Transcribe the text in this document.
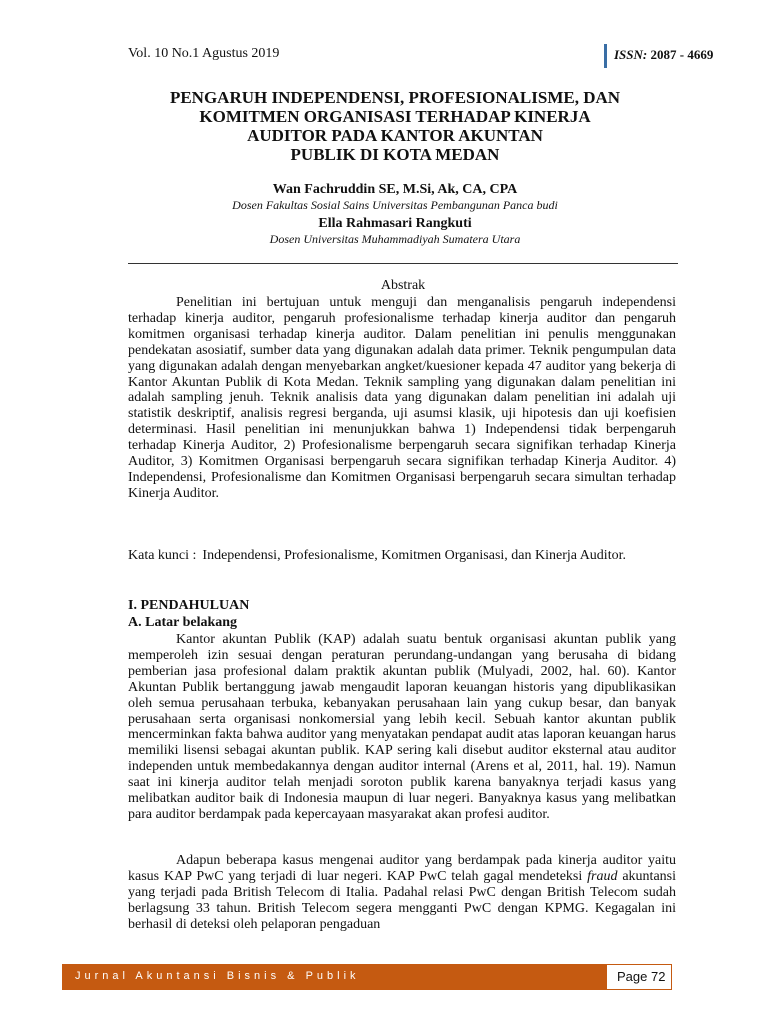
Vol. 10 No.1 Agustus 2019	ISSN: 2087 - 4669
PENGARUH INDEPENDENSI, PROFESIONALISME, DAN
KOMITMEN ORGANISASI TERHADAP KINERJA
AUDITOR PADA KANTOR AKUNTAN
PUBLIK DI KOTA MEDAN
Wan Fachruddin SE, M.Si, Ak, CA, CPA
Dosen Fakultas Sosial Sains Universitas Pembangunan Panca budi
Ella Rahmasari Rangkuti
Dosen Universitas Muhammadiyah Sumatera Utara
Abstrak
Penelitian ini bertujuan untuk menguji dan menganalisis pengaruh independensi terhadap kinerja auditor, pengaruh profesionalisme terhadap kinerja auditor dan pengaruh komitmen organisasi terhadap kinerja auditor. Dalam penelitian ini penulis menggunakan pendekatan asosiatif, sumber data yang digunakan adalah data primer. Teknik pengumpulan data yang digunakan adalah dengan menyebarkan angket/kuesioner kepada 47 auditor yang bekerja di Kantor Akuntan Publik di Kota Medan. Teknik sampling yang digunakan dalam penelitian ini adalah sampling jenuh. Teknik analisis data yang digunakan dalam penelitian ini adalah uji statistik deskriptif, analisis regresi berganda, uji asumsi klasik, uji hipotesis dan uji koefisien determinasi. Hasil penelitian ini menunjukkan bahwa 1) Independensi tidak berpengaruh terhadap Kinerja Auditor, 2) Profesionalisme berpengaruh secara signifikan terhadap Kinerja Auditor, 3) Komitmen Organisasi berpengaruh secara signifikan terhadap Kinerja Auditor. 4) Independensi, Profesionalisme dan Komitmen Organisasi berpengaruh secara simultan terhadap Kinerja Auditor.
Kata kunci : Independensi, Profesionalisme, Komitmen Organisasi, dan Kinerja Auditor.
I. PENDAHULUAN
A. Latar belakang
Kantor akuntan Publik (KAP) adalah suatu bentuk organisasi akuntan publik yang memperoleh izin sesuai dengan peraturan perundang-undangan yang berusaha di bidang pemberian jasa profesional dalam praktik akuntan publik (Mulyadi, 2002, hal. 60). Kantor Akuntan Publik bertanggung jawab mengaudit laporan keuangan historis yang dipublikasikan oleh semua perusahaan terbuka, kebanyakan perusahaan lain yang cukup besar, dan banyak perusahaan serta organisasi nonkomersial yang lebih kecil. Sebuah kantor akuntan publik mencerminkan fakta bahwa auditor yang menyatakan pendapat audit atas laporan keuangan harus memiliki lisensi sebagai akuntan publik. KAP sering kali disebut auditor eksternal atau auditor independen untuk membedakannya dengan auditor internal (Arens et al, 2011, hal. 19). Namun saat ini kinerja auditor telah menjadi soroton publik karena banyaknya terjadi kasus yang melibatkan auditor baik di Indonesia maupun di luar negeri. Banyaknya kasus yang melibatkan para auditor berdampak pada kepercayaan masyarakat akan profesi auditor.
Adapun beberapa kasus mengenai auditor yang berdampak pada kinerja auditor yaitu kasus KAP PwC yang terjadi di luar negeri. KAP PwC telah gagal mendeteksi fraud akuntansi yang terjadi pada British Telecom di Italia. Padahal relasi PwC dengan British Telecom sudah berlagsung 33 tahun. British Telecom segera mengganti PwC dengan KPMG. Kegagalan ini berhasil di deteksi oleh pelaporan pengaduan
Jurnal Akuntansi Bisnis & Publik	Page 72
